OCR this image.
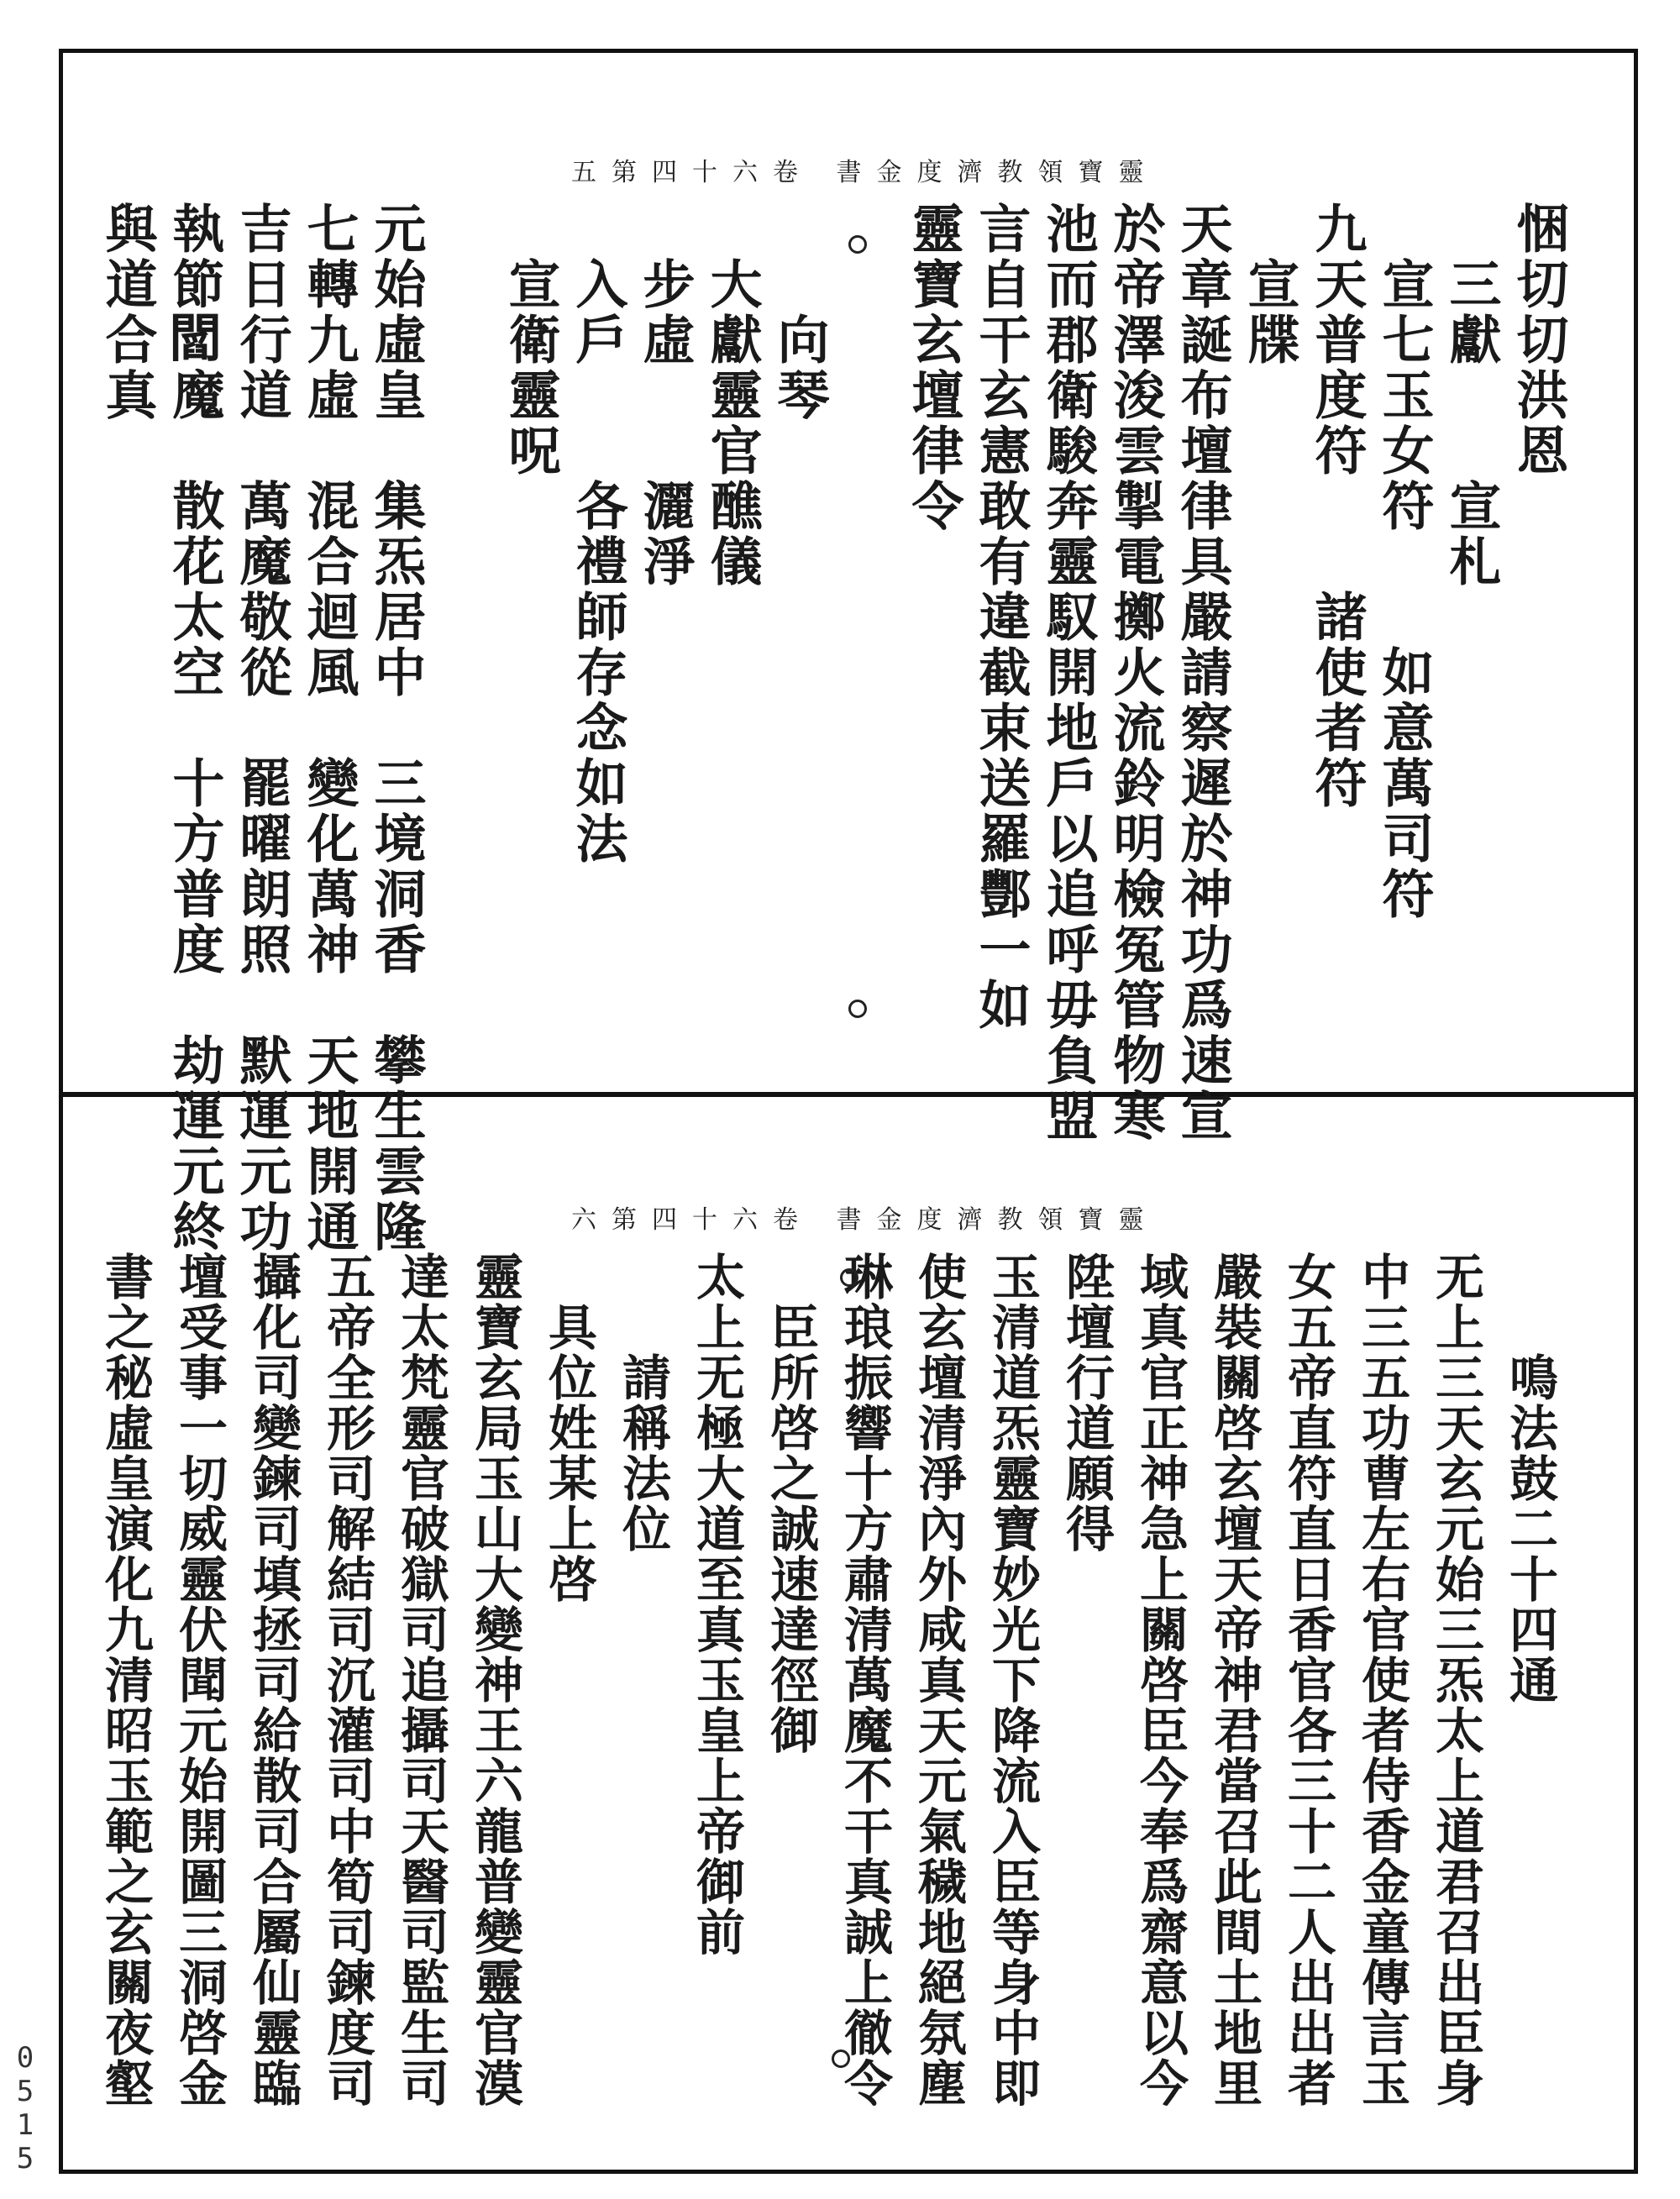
靈寶領教濟度金書 卷六十四第五
靈寶領教濟度金書 卷六十四第六
悃切切洪恩
　三獻　　宣札
　宣七玉女符　　如意萬司符
九天普度符　　諸使者符
　宣牒
天章誕布壇律具嚴請察遲於神功爲速宣
於帝澤浚雲掣電擲火流鈴明檢冤管物寒
池而郡衛駿奔靈馭開地戶以追呼毋負盟
言自干玄憲敢有違截束送羅酆一如
靈寶玄壇律令
　　向琴
　大獻靈官醮儀
　步虛　　灑淨
　入戶　　各禮師存念如法
　宣衛靈呪
元始虛皇　集炁居中　三境洞香　攀生雲隆
七轉九虛　混合迴風　變化萬神　天地開通
吉日行道　萬魔敬從　罷曜朗照　默運元功
執節𨶒魔　散花太空　十方普度　劫運元終
與道合真
　　鳴法鼓二十四通
无上三天玄元始三炁太上道君召出臣身
中三五功曹左右官使者侍香金童傳言玉
女五帝直符直日香官各三十二人出出者
嚴裝關啓玄壇天帝神君當召此間土地里
域真官正神急上關啓臣今奉爲齋意以今
陞壇行道願得
玉清道炁靈寶妙光下降流入臣等身中即
使玄壇清淨內外咸真天元氣穢地絕氛塵
琳琅振響十方肅清萬魔不干真誠上徹令
　臣所啓之誠速達徑御
太上无極大道至真玉皇上帝御前
　　請稱法位
　具位姓某上啓
靈寶玄局玉山大變神王六龍普變靈官漠
達太梵靈官破獄司追攝司天醫司監生司
五帝全形司解結司沉灌司中筍司鍊度司
攝化司變鍊司填拯司給散司合屬仙靈臨
壇受事一切威靈伏聞元始開圖三洞啓金
書之秘虛皇演化九清昭玉範之玄關夜壑
0515
